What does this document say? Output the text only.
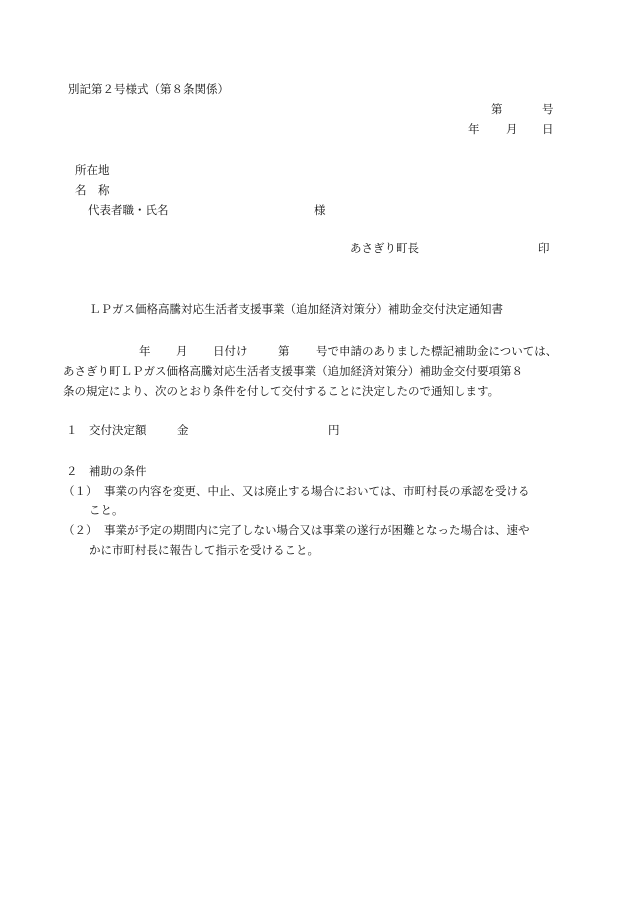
別記第２号様式（第８条関係）
第	号
年 月 日
所在地
名　称
代表者職・氏名	様
あさぎり町長	印
ＬＰガス価格高騰対応生活者支援事業（追加経済対策分）補助金交付決定通知書
年 月 日付け	第 号で申請のありました標記補助金については、
あさぎり町ＬＰガス価格高騰対応生活者支援事業（追加経済対策分）補助金交付要項第８
条の規定により、次のとおり条件を付して交付することに決定したので通知します。
１ 交付決定額	金	円
２ 補助の条件
（１） 事業の内容を変更、中止、又は廃止する場合においては、市町村長の承認を受ける
こと。
（２） 事業が予定の期間内に完了しない場合又は事業の遂行が困難となった場合は、速や
かに市町村長に報告して指示を受けること。
